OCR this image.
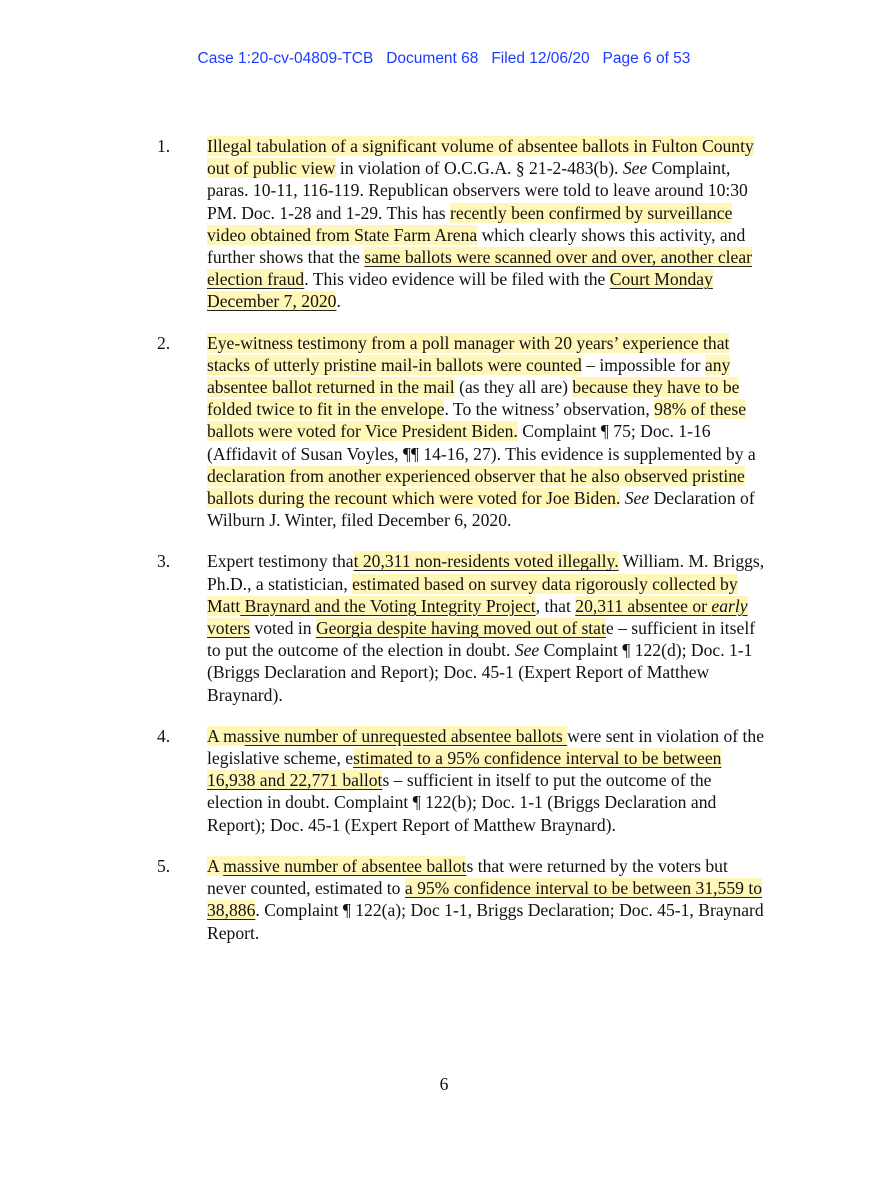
Case 1:20-cv-04809-TCB Document 68 Filed 12/06/20 Page 6 of 53
1. Illegal tabulation of a significant volume of absentee ballots in Fulton County out of public view in violation of O.C.G.A. § 21-2-483(b). See Complaint, paras. 10-11, 116-119. Republican observers were told to leave around 10:30 PM. Doc. 1-28 and 1-29. This has recently been confirmed by surveillance video obtained from State Farm Arena which clearly shows this activity, and further shows that the same ballots were scanned over and over, another clear election fraud. This video evidence will be filed with the Court Monday December 7, 2020.
2. Eye-witness testimony from a poll manager with 20 years’ experience that stacks of utterly pristine mail-in ballots were counted – impossible for any absentee ballot returned in the mail (as they all are) because they have to be folded twice to fit in the envelope. To the witness’ observation, 98% of these ballots were voted for Vice President Biden. Complaint ¶ 75; Doc. 1-16 (Affidavit of Susan Voyles, ¶¶ 14-16, 27). This evidence is supplemented by a declaration from another experienced observer that he also observed pristine ballots during the recount which were voted for Joe Biden. See Declaration of Wilburn J. Winter, filed December 6, 2020.
3. Expert testimony that 20,311 non-residents voted illegally. William. M. Briggs, Ph.D., a statistician, estimated based on survey data rigorously collected by Matt Braynard and the Voting Integrity Project, that 20,311 absentee or early voters voted in Georgia despite having moved out of state – sufficient in itself to put the outcome of the election in doubt. See Complaint ¶ 122(d); Doc. 1-1 (Briggs Declaration and Report); Doc. 45-1 (Expert Report of Matthew Braynard).
4. A massive number of unrequested absentee ballots were sent in violation of the legislative scheme, estimated to a 95% confidence interval to be between 16,938 and 22,771 ballots – sufficient in itself to put the outcome of the election in doubt. Complaint ¶ 122(b); Doc. 1-1 (Briggs Declaration and Report); Doc. 45-1 (Expert Report of Matthew Braynard).
5. A massive number of absentee ballots that were returned by the voters but never counted, estimated to a 95% confidence interval to be between 31,559 to 38,886. Complaint ¶ 122(a); Doc 1-1, Briggs Declaration; Doc. 45-1, Braynard Report.
6
